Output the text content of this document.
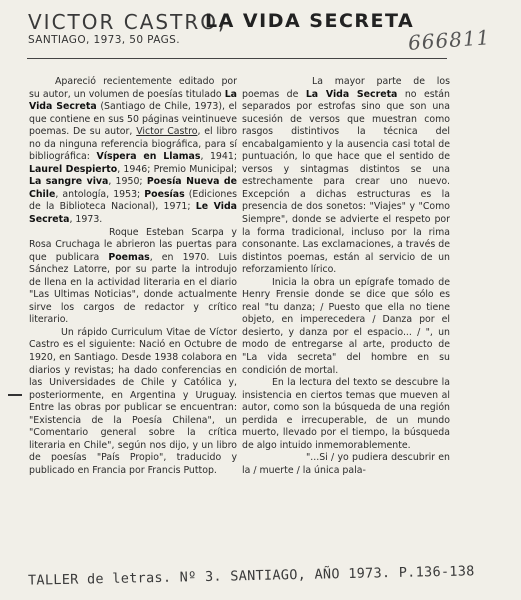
VICTOR CASTRO,
LA VIDA SECRETA
SANTIAGO, 1973, 50 PAGS.	666811

Apareció recientemente editado por su autor, un volumen de poesías titulado La Vida Secreta (Santiago de Chile, 1973), el que contiene en sus 50 páginas veintinueve poemas. De su autor, Victor Castro, el libro no da ninguna referencia biográfica, para sí bibliográfica: Víspera en Llamas, 1941; Laurel Despierto, 1946; Premio Municipal; La sangre viva, 1950; Poesía Nueva de Chile, antología, 1953; Poesías (Ediciones de la Biblioteca Nacional), 1971; Le Vida Secreta, 1973.

Roque Esteban Scarpa y Rosa Cruchaga le abrieron las puertas para que publicara Poemas, en 1970. Luis Sánchez Latorre, por su parte la introdujo de llena en la actividad literaria en el diario "Las Ultimas Noticias", donde actualmente sirve los cargos de redactor y crítico literario.

Un rápido Curriculum Vitae de Víctor Castro es el siguiente: Nació en Octubre de 1920, en Santiago. Desde 1938 colabora en diarios y revistas; ha dado conferencias en las Universidades de Chile y Católica y, posteriormente, en Argentina y Uruguay. Entre las obras por publicar se encuentran: "Existencia de la Poesía Chilena", un "Comentario general sobre la crítica literaria en Chile", según nos dijo, y un libro de poesías "País Propio", traducido y publicado en Francia por Francis Puttop.

La mayor parte de los poemas de La Vida Secreta no están separados por estrofas sino que son una sucesión de versos que muestran como rasgos distintivos la técnica del encabalgamiento y la ausencia casi total de puntuación, lo que hace que el sentido de versos y sintagmas distintos se una estrechamente para crear uno nuevo. Excepción a dichas estructuras es la presencia de dos sonetos: "Viajes" y "Como Siempre", donde se advierte el respeto por la forma tradicional, incluso por la rima consonante. Las exclamaciones, a través de distintos poemas, están al servicio de un reforzamiento lírico.

Inicia la obra un epígrafe tomado de Henry Frensie donde se dice que sólo es real "tu danza; / Puesto que ella no tiene objeto, en imperecedera / Danza por el desierto, y danza por el espacio... / ", un modo de entregarse al arte, producto de "La vida secreta" del hombre en su condición de mortal.

En la lectura del texto se descubre la insistencia en ciertos temas que mueven al autor, como son la búsqueda de una región perdida e irrecuperable, de un mundo muerto, llevado por el tiempo, la búsqueda de algo intuido inmemorablemente.

"...Si / yo pudiera descubrir en la / muerte / la única pala-

TALLER de letras. Nº 3. SANTIAGO, AÑO 1973. P.136-138
